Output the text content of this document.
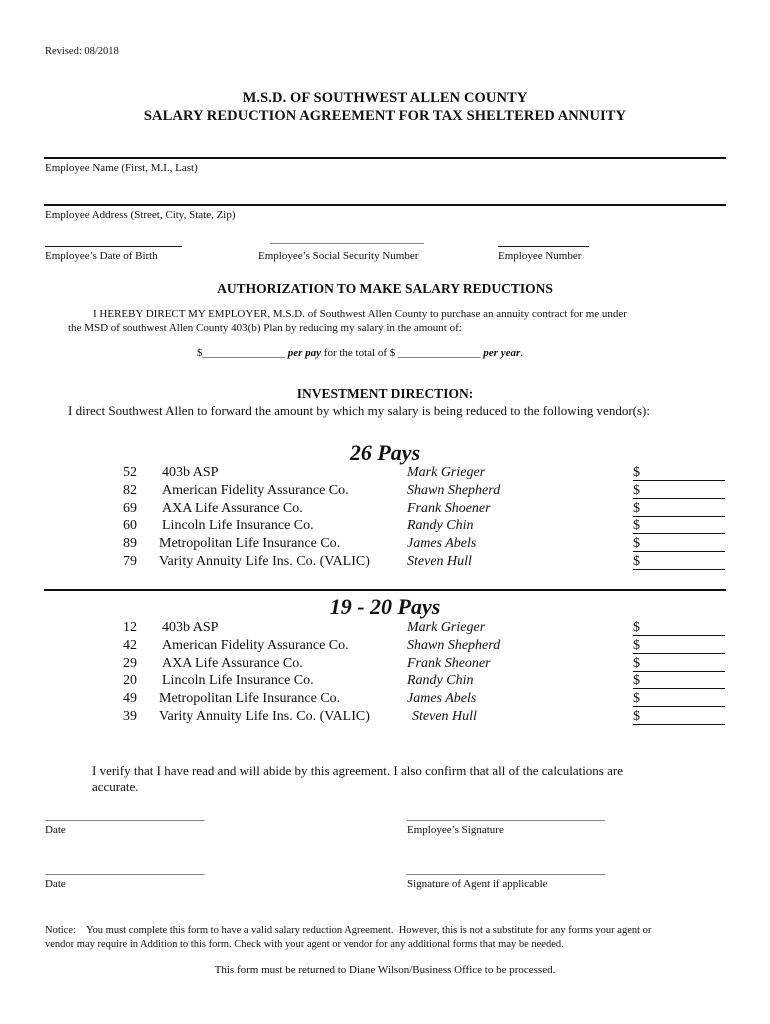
Revised: 08/2018
M.S.D. OF SOUTHWEST ALLEN COUNTY
SALARY REDUCTION AGREEMENT FOR TAX SHELTERED ANNUITY
Employee Name (First, M.I., Last)
Employee Address (Street, City, State, Zip)
Employee’s Date of Birth
____________________________
Employee’s Social Security Number	Employee Number
AUTHORIZATION TO MAKE SALARY REDUCTIONS
I HEREBY DIRECT MY EMPLOYER, M.S.D. of Southwest Allen County to purchase an annuity contract for me under
the MSD of southwest Allen County 403(b) Plan by reducing my salary in the amount of:
$_______________ per pay for the total of $ _______________ per year.
INVESTMENT DIRECTION:
I direct Southwest Allen to forward the amount by which my salary is being reduced to the following vendor(s):
26 Pays
52	403b ASP	Mark Grieger	$
82	American Fidelity Assurance Co.	Shawn Shepherd	$
69	AXA Life Assurance Co.	Frank Shoener	$
60	Lincoln Life Insurance Co.	Randy Chin	$
89	Metropolitan Life Insurance Co.	James Abels	$
79	Varity Annuity Life Ins. Co. (VALIC)	Steven Hull	$
19 - 20 Pays
12	403b ASP	Mark Grieger	$
42	American Fidelity Assurance Co.	Shawn Shepherd	$
29	AXA Life Assurance Co.	Frank Sheoner	$
20	Lincoln Life Insurance Co.	Randy Chin	$
49	Metropolitan Life Insurance Co.	James Abels	$
39	Varity Annuity Life Ins. Co. (VALIC)	Steven Hull	$
I verify that I have read and will abide by this agreement. I also confirm that all of the calculations are
accurate.
_____________________________
Date
____________________________________
Employee’s Signature
_____________________________
Date
____________________________________
Signature of Agent if applicable
Notice:    You must complete this form to have a valid salary reduction Agreement.  However, this is not a substitute for any forms your agent or
vendor may require in Addition to this form. Check with your agent or vendor for any additional forms that may be needed.
This form must be returned to Diane Wilson/Business Office to be processed.
